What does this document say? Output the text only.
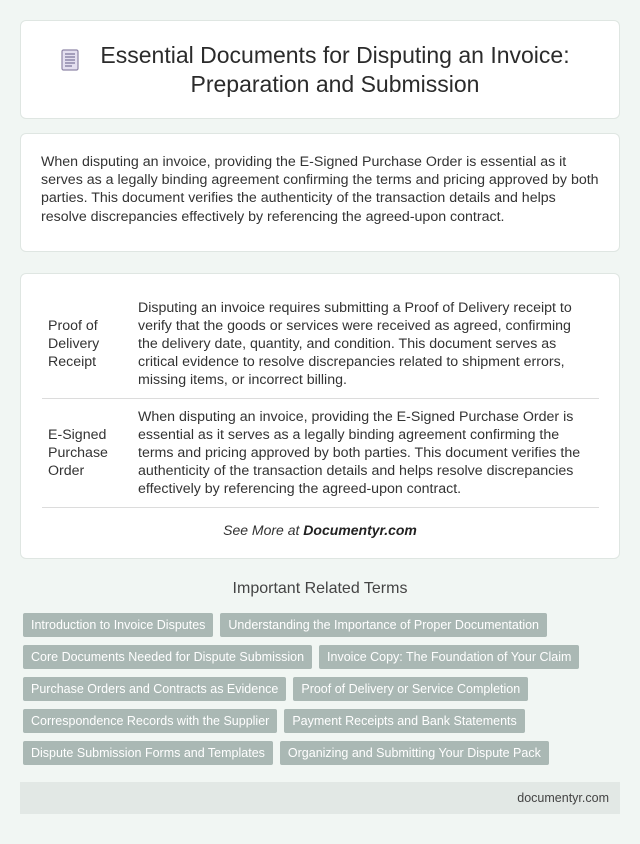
Essential Documents for Disputing an Invoice: Preparation and Submission

When disputing an invoice, providing the E-Signed Purchase Order is essential as it serves as a legally binding agreement confirming the terms and pricing approved by both parties. This document verifies the authenticity of the transaction details and helps resolve discrepancies effectively by referencing the agreed-upon contract.

Proof of Delivery Receipt	Disputing an invoice requires submitting a Proof of Delivery receipt to verify that the goods or services were received as agreed, confirming the delivery date, quantity, and condition. This document serves as critical evidence to resolve discrepancies related to shipment errors, missing items, or incorrect billing.
E-Signed Purchase Order	When disputing an invoice, providing the E-Signed Purchase Order is essential as it serves as a legally binding agreement confirming the terms and pricing approved by both parties. This document verifies the authenticity of the transaction details and helps resolve discrepancies effectively by referencing the agreed-upon contract.
See More at Documentyr.com
Important Related Terms
Introduction to Invoice Disputes	Understanding the Importance of Proper Documentation
Core Documents Needed for Dispute Submission	Invoice Copy: The Foundation of Your Claim
Purchase Orders and Contracts as Evidence	Proof of Delivery or Service Completion
Correspondence Records with the Supplier	Payment Receipts and Bank Statements
Dispute Submission Forms and Templates	Organizing and Submitting Your Dispute Pack
documentyr.com
